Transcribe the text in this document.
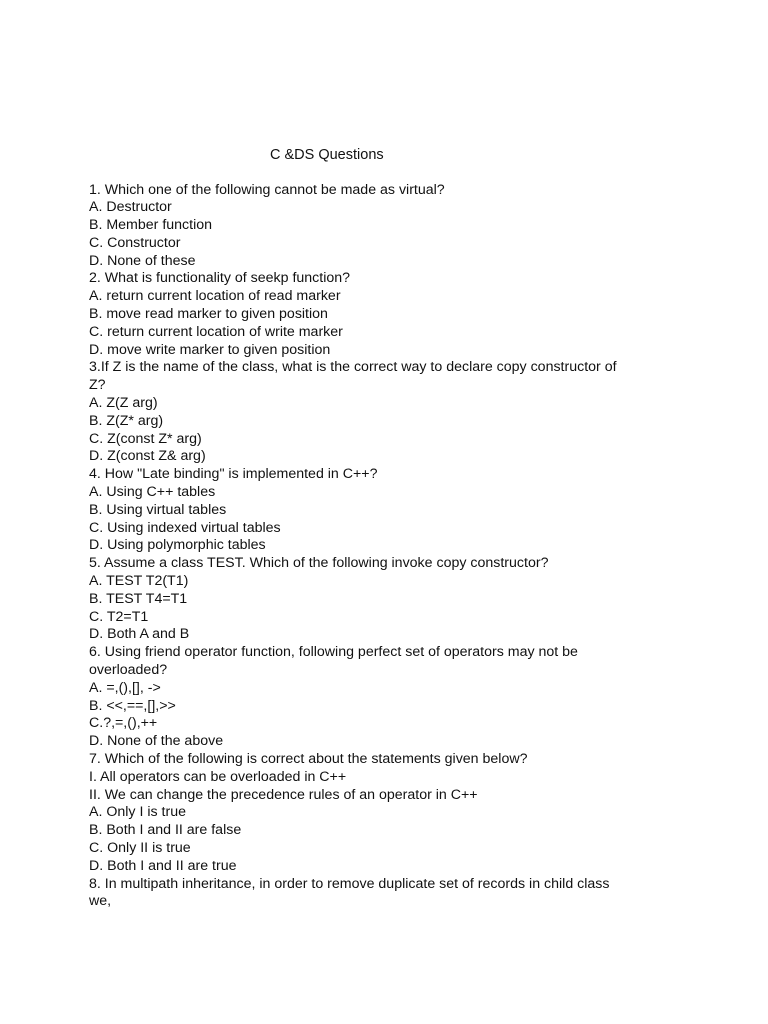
C &DS Questions
1. Which one of the following cannot be made as virtual?
A. Destructor
B. Member function
C. Constructor
D. None of these
2. What is functionality of seekp function?
A. return current location of read marker
B. move read marker to given position
C. return current location of write marker
D. move write marker to given position
3.If Z is the name of the class, what is the correct way to declare copy constructor of
Z?
A. Z(Z arg)
B. Z(Z* arg)
C. Z(const Z* arg)
D. Z(const Z& arg)
4. How "Late binding" is implemented in C++?
A. Using C++ tables
B. Using virtual tables
C. Using indexed virtual tables
D. Using polymorphic tables
5. Assume a class TEST. Which of the following invoke copy constructor?
A. TEST T2(T1)
B. TEST T4=T1
C. T2=T1
D. Both A and B
6. Using friend operator function, following perfect set of operators may not be
overloaded?
A. =,(),[], ->
B. <<,==,[],>>
C.?,=,(),++
D. None of the above
7. Which of the following is correct about the statements given below?
I. All operators can be overloaded in C++
II. We can change the precedence rules of an operator in C++
A. Only I is true
B. Both I and II are false
C. Only II is true
D. Both I and II are true
8. In multipath inheritance, in order to remove duplicate set of records in child class
we,
